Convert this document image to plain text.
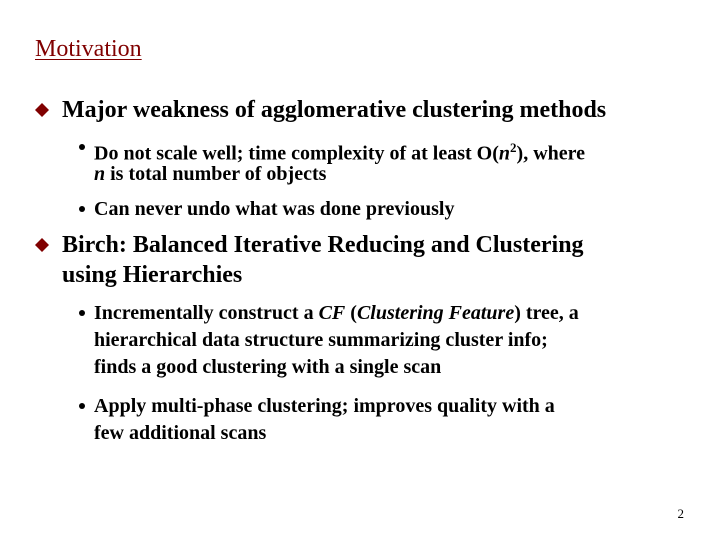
Motivation
Major weakness of agglomerative clustering methods
Do not scale well; time complexity of at least $O(n^2)$, where
n is total number of objects
Can never undo what was done previously
Birch: Balanced Iterative Reducing and Clustering
using Hierarchies
Incrementally construct a CF (Clustering Feature) tree, a
hierarchical data structure summarizing cluster info;
finds a good clustering with a single scan
Apply multi-phase clustering; improves quality with a
few additional scans
2
